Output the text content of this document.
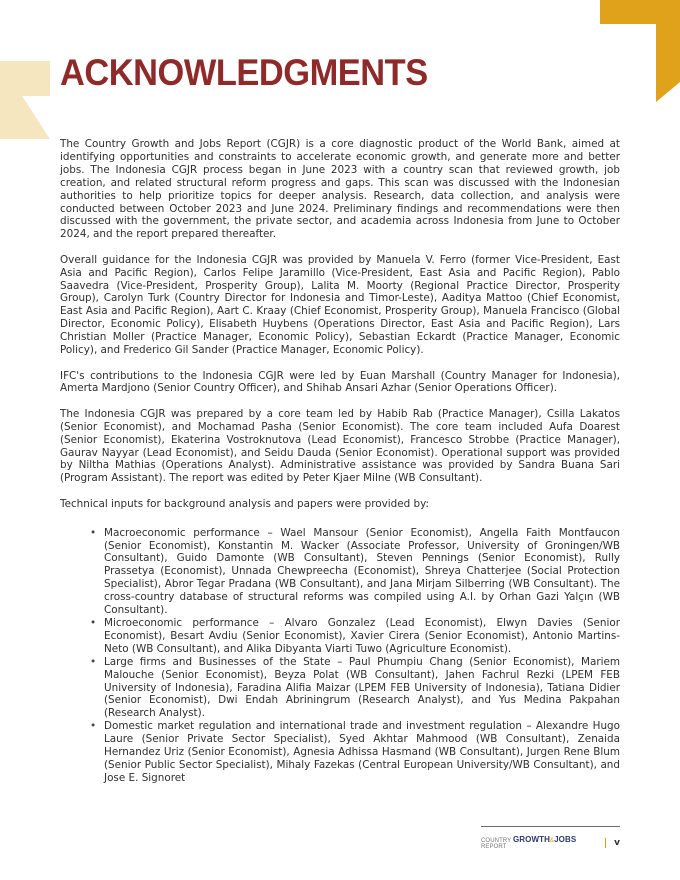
ACKNOWLEDGMENTS

The Country Growth and Jobs Report (CGJR) is a core diagnostic product of the World Bank, aimed at identifying opportunities and constraints to accelerate economic growth, and generate more and better jobs. The Indonesia CGJR process began in June 2023 with a country scan that reviewed growth, job creation, and related structural reform progress and gaps. This scan was discussed with the Indonesian authorities to help prioritize topics for deeper analysis. Research, data collection, and analysis were conducted between October 2023 and June 2024. Preliminary findings and recommendations were then discussed with the government, the private sector, and academia across Indonesia from June to October 2024, and the report prepared thereafter.

Overall guidance for the Indonesia CGJR was provided by Manuela V. Ferro (former Vice-President, East Asia and Pacific Region), Carlos Felipe Jaramillo (Vice-President, East Asia and Pacific Region), Pablo Saavedra (Vice-President, Prosperity Group), Lalita M. Moorty (Regional Practice Director, Prosperity Group), Carolyn Turk (Country Director for Indonesia and Timor-Leste), Aaditya Mattoo (Chief Economist, East Asia and Pacific Region), Aart C. Kraay (Chief Economist, Prosperity Group), Manuela Francisco (Global Director, Economic Policy), Elisabeth Huybens (Operations Director, East Asia and Pacific Region), Lars Christian Moller (Practice Manager, Economic Policy), Sebastian Eckardt (Practice Manager, Economic Policy), and Frederico Gil Sander (Practice Manager, Economic Policy).

IFC's contributions to the Indonesia CGJR were led by Euan Marshall (Country Manager for Indonesia), Amerta Mardjono (Senior Country Officer), and Shihab Ansari Azhar (Senior Operations Officer).

The Indonesia CGJR was prepared by a core team led by Habib Rab (Practice Manager), Csilla Lakatos (Senior Economist), and Mochamad Pasha (Senior Economist). The core team included Aufa Doarest (Senior Economist), Ekaterina Vostroknutova (Lead Economist), Francesco Strobbe (Practice Manager), Gaurav Nayyar (Lead Economist), and Seidu Dauda (Senior Economist). Operational support was provided by Niltha Mathias (Operations Analyst). Administrative assistance was provided by Sandra Buana Sari (Program Assistant). The report was edited by Peter Kjaer Milne (WB Consultant).

Technical inputs for background analysis and papers were provided by:

• Macroeconomic performance – Wael Mansour (Senior Economist), Angella Faith Montfaucon (Senior Economist), Konstantin M. Wacker (Associate Professor, University of Groningen/WB Consultant), Guido Damonte (WB Consultant), Steven Pennings (Senior Economist), Rully Prassetya (Economist), Unnada Chewpreecha (Economist), Shreya Chatterjee (Social Protection Specialist), Abror Tegar Pradana (WB Consultant), and Jana Mirjam Silberring (WB Consultant). The cross-country database of structural reforms was compiled using A.I. by Orhan Gazi Yalçın (WB Consultant).
• Microeconomic performance – Alvaro Gonzalez (Lead Economist), Elwyn Davies (Senior Economist), Besart Avdiu (Senior Economist), Xavier Cirera (Senior Economist), Antonio Martins-Neto (WB Consultant), and Alika Dibyanta Viarti Tuwo (Agriculture Economist).
• Large firms and Businesses of the State – Paul Phumpiu Chang (Senior Economist), Mariem Malouche (Senior Economist), Beyza Polat (WB Consultant), Jahen Fachrul Rezki (LPEM FEB University of Indonesia), Faradina Alifia Maizar (LPEM FEB University of Indonesia), Tatiana Didier (Senior Economist), Dwi Endah Abriningrum (Research Analyst), and Yus Medina Pakpahan (Research Analyst).
• Domestic market regulation and international trade and investment regulation – Alexandre Hugo Laure (Senior Private Sector Specialist), Syed Akhtar Mahmood (WB Consultant), Zenaida Hernandez Uriz (Senior Economist), Agnesia Adhissa Hasmand (WB Consultant), Jurgen Rene Blum (Senior Public Sector Specialist), Mihaly Fazekas (Central European University/WB Consultant), and Jose E. Signoret
COUNTRY GROWTH&JOBS REPORT	v
